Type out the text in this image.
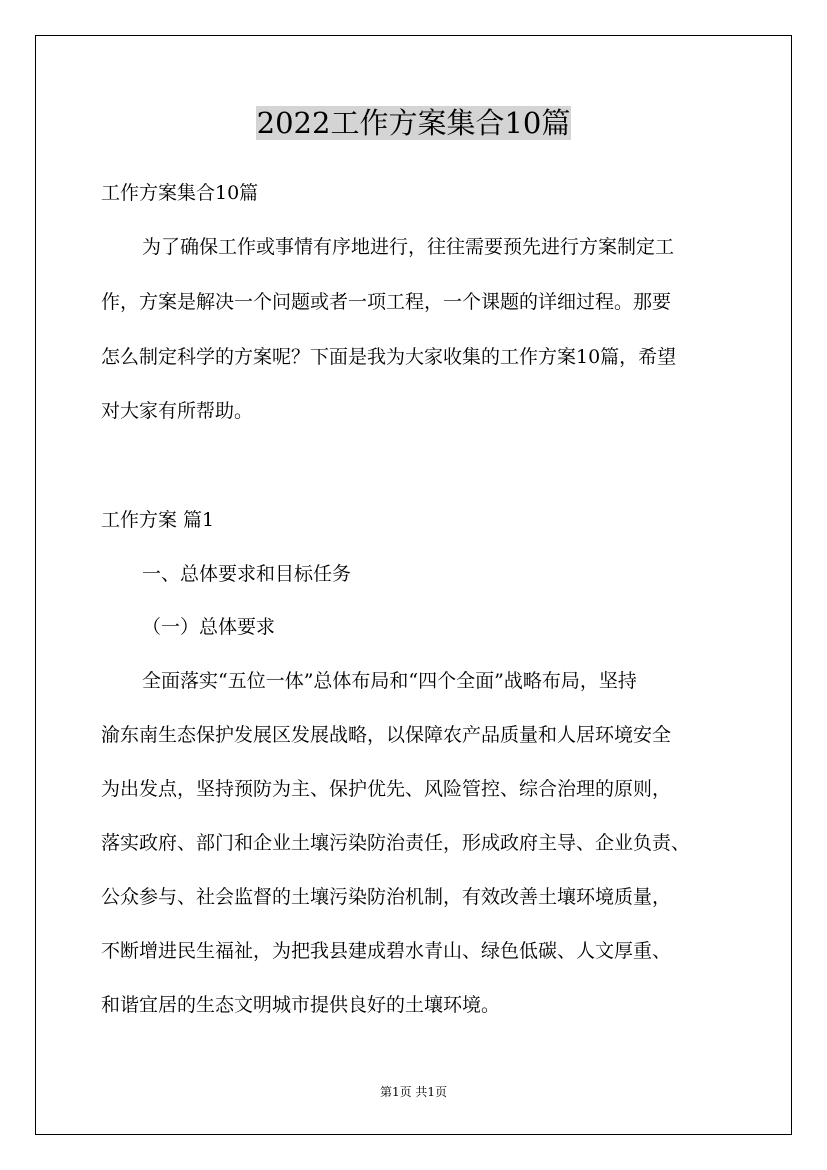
2022工作方案集合10篇

工作方案集合10篇

为了确保工作或事情有序地进行，往往需要预先进行方案制定工

作，方案是解决一个问题或者一项工程，一个课题的详细过程。那要

怎么制定科学的方案呢？下面是我为大家收集的工作方案10篇，希望

对大家有所帮助。

工作方案 篇1

一、总体要求和目标任务

（一）总体要求

全面落实“五位一体”总体布局和“四个全面”战略布局，坚持

渝东南生态保护发展区发展战略，以保障农产品质量和人居环境安全

为出发点，坚持预防为主、保护优先、风险管控、综合治理的原则，

落实政府、部门和企业土壤污染防治责任，形成政府主导、企业负责、

公众参与、社会监督的土壤污染防治机制，有效改善土壤环境质量，

不断增进民生福祉，为把我县建成碧水青山、绿色低碳、人文厚重、

和谐宜居的生态文明城市提供良好的土壤环境。

第1页 共1页
